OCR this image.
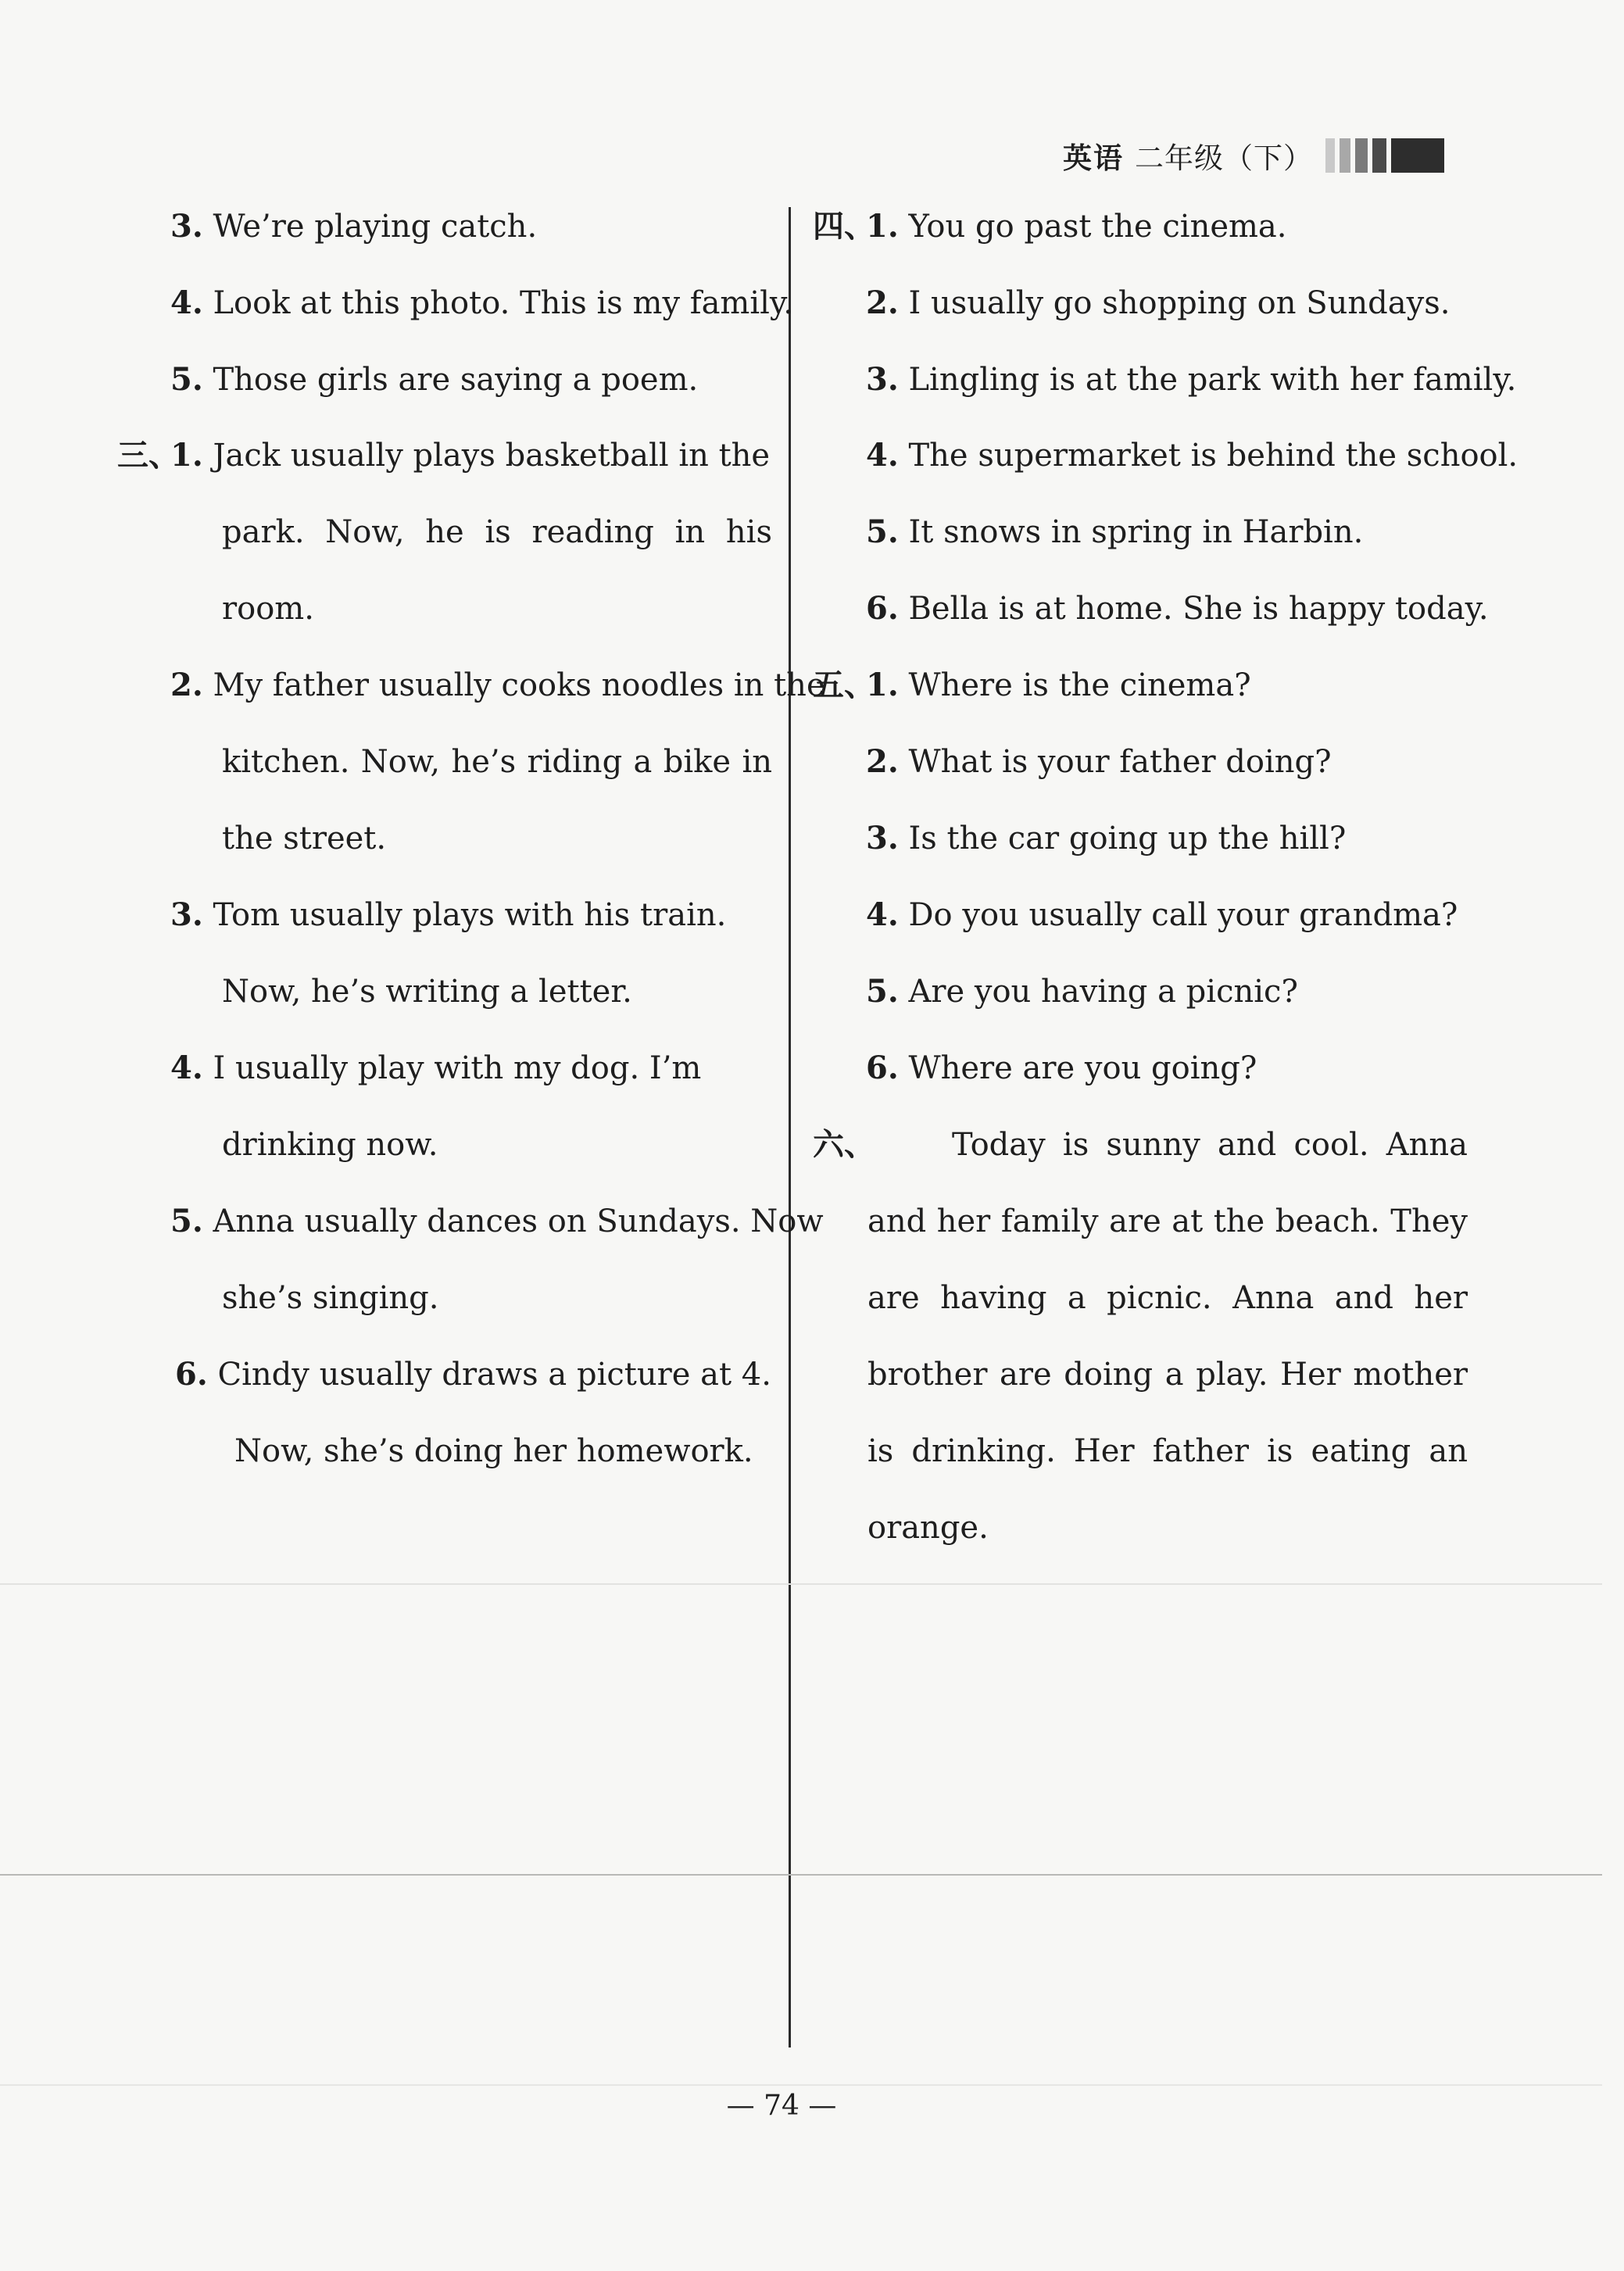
英语 二年级（下）
3. We’re playing catch.
4. Look at this photo. This is my family.
5. Those girls are saying a poem.
三、
1. Jack usually plays basketball in the
park. Now, he is reading in his
room.
2. My father usually cooks noodles in the
kitchen. Now, he’s riding a bike in
the street.
3. Tom usually plays with his train.
Now, he’s writing a letter.
4. I usually play with my dog. I’m
drinking now.
5. Anna usually dances on Sundays. Now
she’s singing.
6. Cindy usually draws a picture at 4.
Now, she’s doing her homework.
四、
1. You go past the cinema.
2. I usually go shopping on Sundays.
3. Lingling is at the park with her family.
4. The supermarket is behind the school.
5. It snows in spring in Harbin.
6. Bella is at home. She is happy today.
五、
1. Where is the cinema?
2. What is your father doing?
3. Is the car going up the hill?
4. Do you usually call your grandma?
5. Are you having a picnic?
6. Where are you going?
六、 Today is sunny and cool. Anna
and her family are at the beach. They
are having a picnic. Anna and her
brother are doing a play. Her mother
is drinking. Her father is eating an
orange.
— 74 —
